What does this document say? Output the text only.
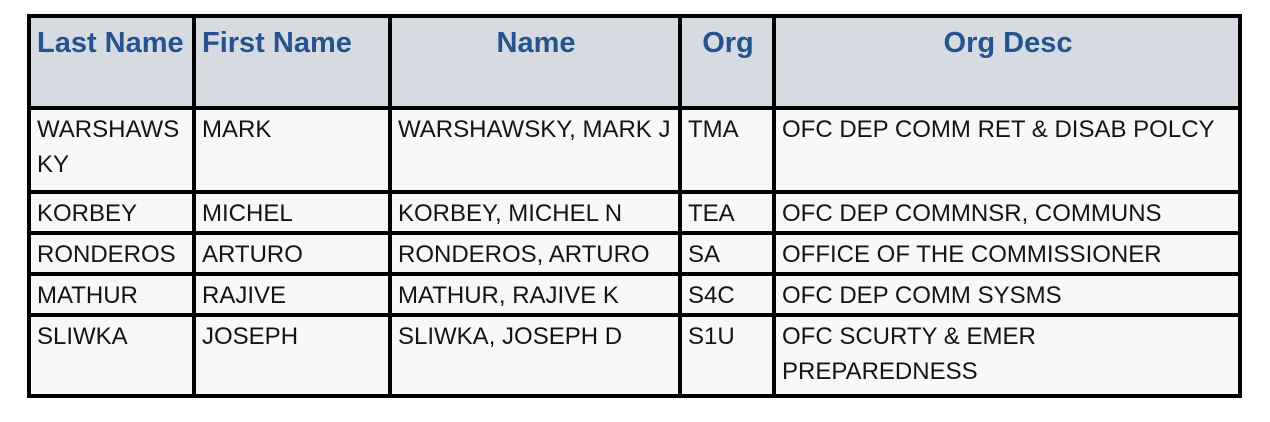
Last Name	First Name	Name	Org	Org Desc
WARSHAWSKY	MARK	WARSHAWSKY, MARK J	TMA	OFC DEP COMM RET & DISAB POLCY
KORBEY	MICHEL	KORBEY, MICHEL N	TEA	OFC DEP COMMNSR, COMMUNS
RONDEROS	ARTURO	RONDEROS, ARTURO	SA	OFFICE OF THE COMMISSIONER
MATHUR	RAJIVE	MATHUR, RAJIVE K	S4C	OFC DEP COMM SYSMS
SLIWKA	JOSEPH	SLIWKA, JOSEPH D	S1U	OFC SCURTY & EMER PREPAREDNESS
